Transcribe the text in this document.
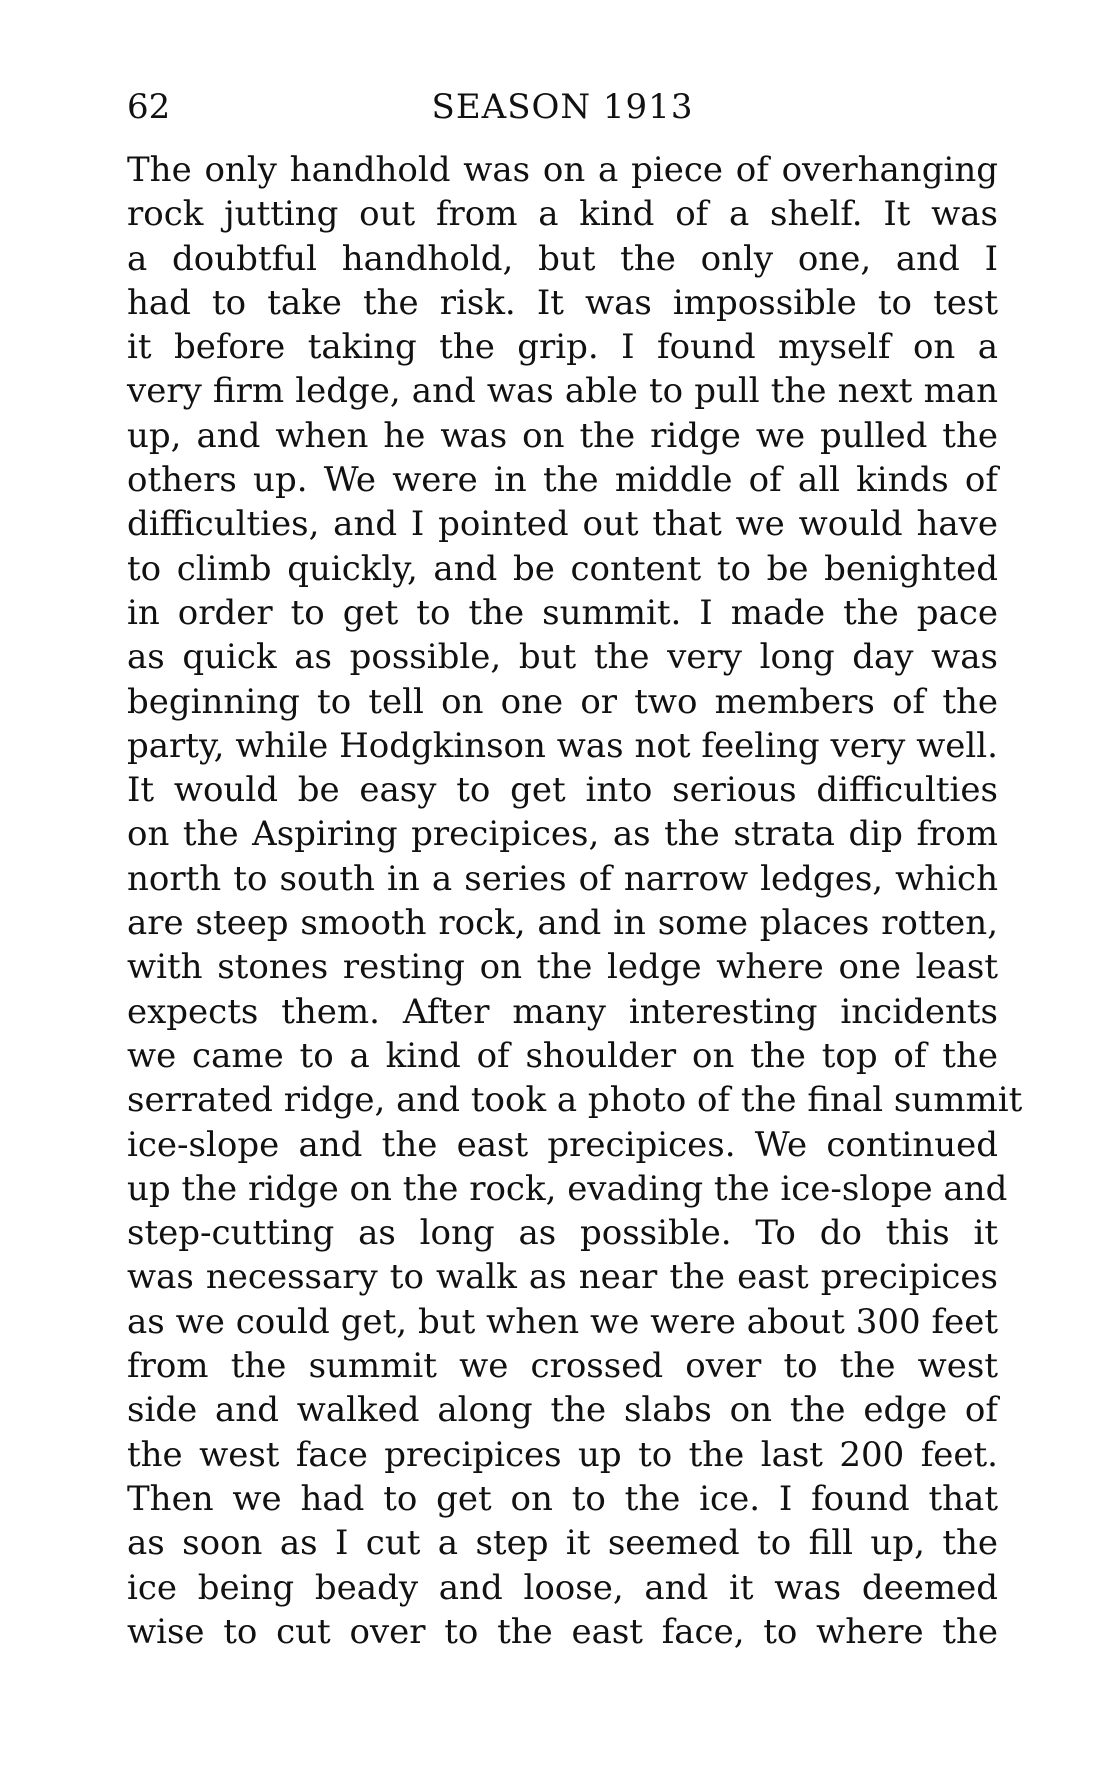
62	SEASON 1913
The only handhold was on a piece of overhanging
rock jutting out from a kind of a shelf. It was
a doubtful handhold, but the only one, and I
had to take the risk. It was impossible to test
it before taking the grip. I found myself on a
very firm ledge, and was able to pull the next man
up, and when he was on the ridge we pulled the
others up. We were in the middle of all kinds of
difficulties, and I pointed out that we would have
to climb quickly, and be content to be benighted
in order to get to the summit. I made the pace
as quick as possible, but the very long day was
beginning to tell on one or two members of the
party, while Hodgkinson was not feeling very well.
It would be easy to get into serious difficulties
on the Aspiring precipices, as the strata dip from
north to south in a series of narrow ledges, which
are steep smooth rock, and in some places rotten,
with stones resting on the ledge where one least
expects them. After many interesting incidents
we came to a kind of shoulder on the top of the
serrated ridge, and took a photo of the final summit
ice-slope and the east precipices. We continued
up the ridge on the rock, evading the ice-slope and
step-cutting as long as possible. To do this it
was necessary to walk as near the east precipices
as we could get, but when we were about 300 feet
from the summit we crossed over to the west
side and walked along the slabs on the edge of
the west face precipices up to the last 200 feet.
Then we had to get on to the ice. I found that
as soon as I cut a step it seemed to fill up, the
ice being beady and loose, and it was deemed
wise to cut over to the east face, to where the
